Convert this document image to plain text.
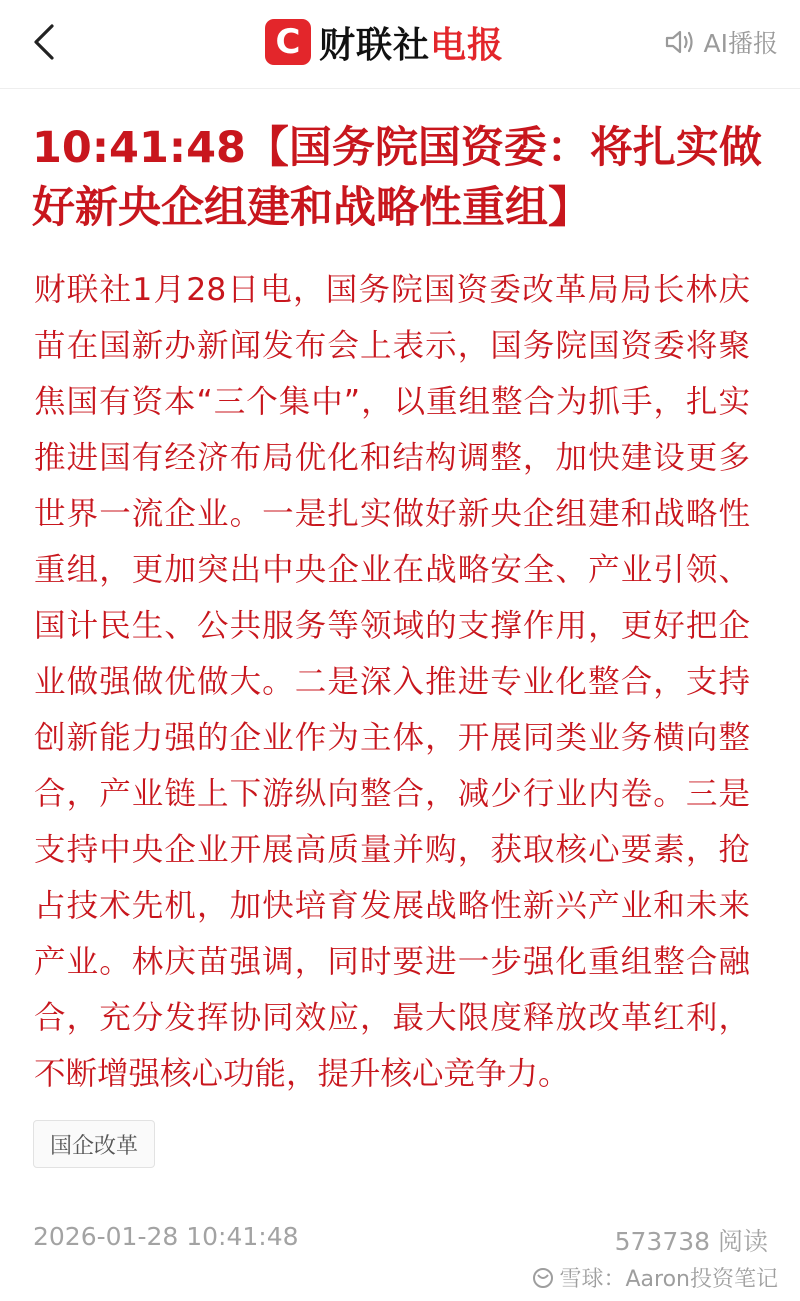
C 财联社电报	AI播报
10:41:48【国务院国资委：将扎实做好新央企组建和战略性重组】

财联社1月28日电，国务院国资委改革局局长林庆苗在国新办新闻发布会上表示，国务院国资委将聚焦国有资本“三个集中”，以重组整合为抓手，扎实推进国有经济布局优化和结构调整，加快建设更多世界一流企业。一是扎实做好新央企组建和战略性重组，更加突出中央企业在战略安全、产业引领、国计民生、公共服务等领域的支撑作用，更好把企业做强做优做大。二是深入推进专业化整合，支持创新能力强的企业作为主体，开展同类业务横向整合，产业链上下游纵向整合，减少行业内卷。三是支持中央企业开展高质量并购，获取核心要素，抢占技术先机，加快培育发展战略性新兴产业和未来产业。林庆苗强调，同时要进一步强化重组整合融合，充分发挥协同效应，最大限度释放改革红利，不断增强核心功能，提升核心竞争力。

国企改革
2026-01-28 10:41:48	573738 阅读
雪球：Aaron投资笔记
